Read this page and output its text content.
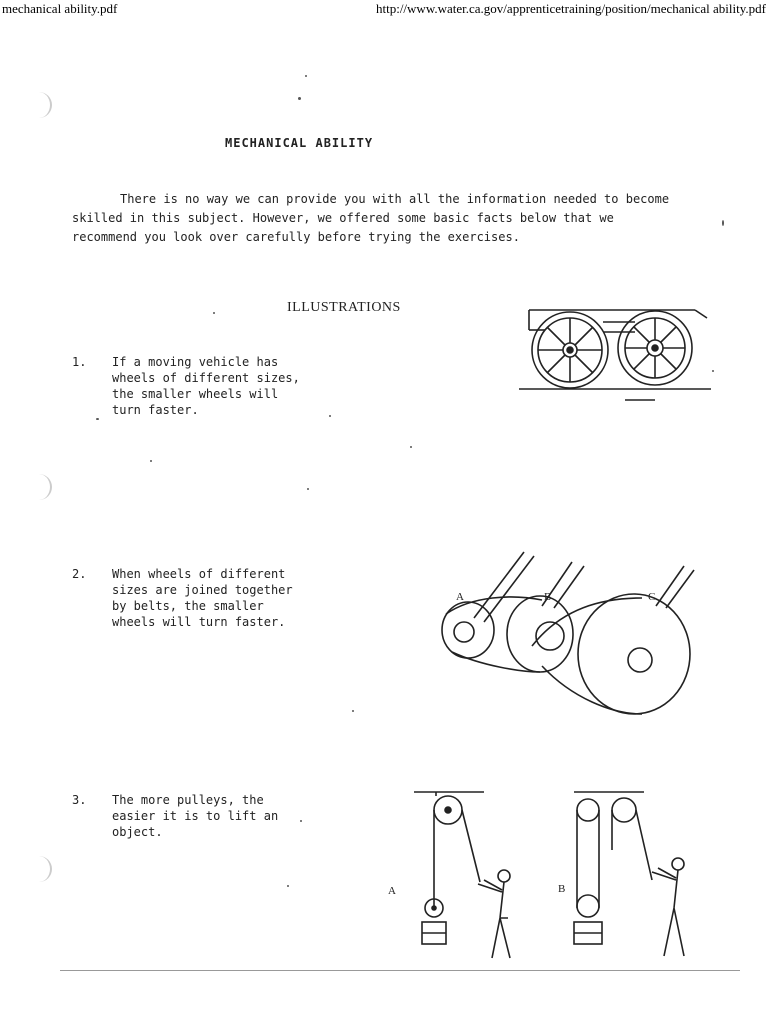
mechanical ability.pdf	http://www.water.ca.gov/apprenticetraining/position/mechanical ability.pdf
MECHANICAL ABILITY

There is no way we can provide you with all the information needed to become skilled in this subject. However, we offered some basic facts below that we recommend you look over carefully before trying the exercises.

ILLUSTRATIONS
1. If a moving vehicle has
wheels of different sizes,
the smaller wheels will
turn faster.
2. When wheels of different
sizes are joined together
by belts, the smaller
wheels will turn faster.
3. The more pulleys, the
easier it is to lift an
object.
A	B	C
A	B
